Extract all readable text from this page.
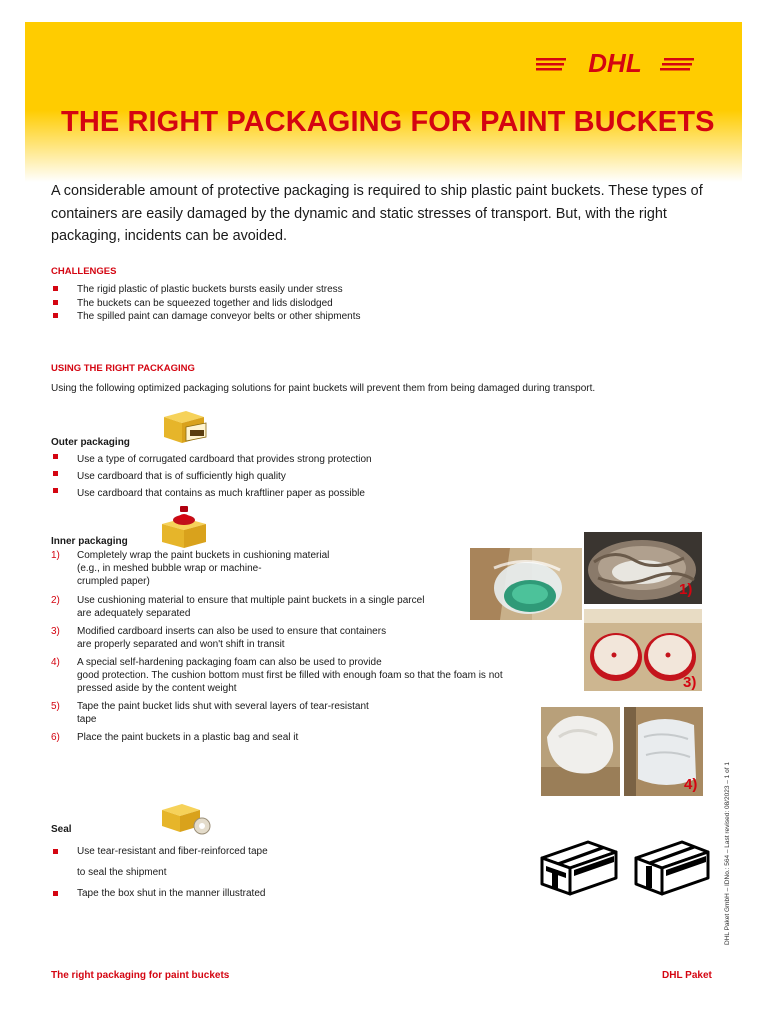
DHL
THE RIGHT PACKAGING FOR PAINT BUCKETS

A considerable amount of protective packaging is required to ship plastic paint buckets. These types of containers are easily damaged by the dynamic and static stresses of transport. But, with the right packaging, incidents can be avoided.

CHALLENGES

The rigid plastic of plastic buckets bursts easily under stress
The buckets can be squeezed together and lids dislodged
The spilled paint can damage conveyor belts or other shipments

USING THE RIGHT PACKAGING

Using the following optimized packaging solutions for paint buckets will prevent them from being damaged during transport.

Outer packaging

Use a type of corrugated cardboard that provides strong protection
Use cardboard that is of sufficiently high quality
Use cardboard that contains as much kraftliner paper as possible

Inner packaging

1) Completely wrap the paint buckets in cushioning material
(e.g., in meshed bubble wrap or machine-
crumpled paper)
2) Use cushioning material to ensure that multiple paint buckets in a single parcel
are adequately separated
3) Modified cardboard inserts can also be used to ensure that containers
are properly separated and won't shift in transit
4) A special self-hardening packaging foam can also be used to provide
good protection. The cushion bottom must first be filled with enough foam so that the foam is not
pressed aside by the content weight
5) Tape the paint bucket lids shut with several layers of tear-resistant
tape
6) Place the paint buckets in a plastic bag and seal it
1)
3)
4)

Seal

Use tear-resistant and fiber-reinforced tape
to seal the shipment
Tape the box shut in the manner illustrated	DHL Paket GmbH – IDNo.: 564 – Last revised: 08/2023 – 1 of 1
The right packaging for paint buckets	DHL Paket
